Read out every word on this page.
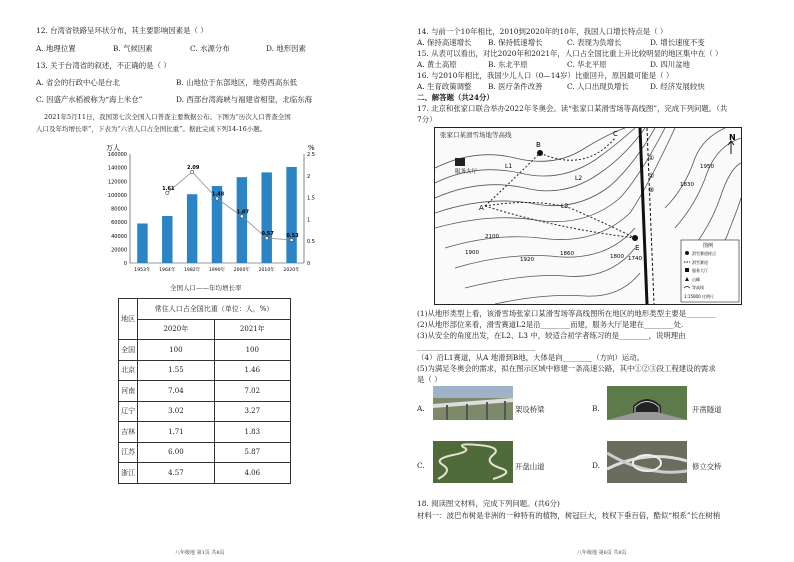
12. 台湾省铁路呈环状分布，其主要影响因素是（ ）
A. 地理位置	B. 气候因素	C. 水源分布	D. 地形因素
13. 关于台湾省的叙述，不正确的是（ ）
A. 省会的行政中心是台北	B. 山地位于东部地区，地势西高东低
C. 因盛产水稻被称为“海上米仓”	D. 西部台湾海峡与福建省相望，北临东海
2021年5月11日，我国第七次全国人口普查主要数据公布。下图为“历次人口普查全国
人口及年均增长率”，下表为“六省人口占全国比重”。据此完成下列14-16小题。
万人	%
0
20000
40000
60000
80000
100000
120000
140000
160000
0
0.5
1
1.5
2
2.5
1953年 1964年 1982年 1990年 2000年 2010年 2020年
1.61
2.09
1.48
1.07
0.57	0.53
全国人口——年均增长率
地区	常住人口占全国比重（单位：人，%）	
	2020年	2021年
全国	100	100
北京	1.55	1.46
河南	7.04	7.02
辽宁	3.02	3.27
吉林	1.71	1.83
江苏	6.00	5.87
浙江	4.57	4.06
八年级地 第1页 共8页
14. 与前一个10年相比，2010到2020年的10年，我国人口增长特点是（ ）
A. 保持高速增长 B. 保持低速增长	C. 表现为负增长	D. 增长速度不变
15. 从表可以看出，对比2020年和2021年，人口占全国比重上升比较明显的地区集中在（ ）
A. 黄土高原	B. 东北平原	C. 华北平原	D. 四川盆地
16. 与2010年相比，我国少儿人口（0—14岁）比重回升，原因最可能是（ ）
A. 生育政策调整 B. 医疗条件改善	C. 人口出现负增长	D. 经济发展较快
二、解答题（共24分）
17. 北京和张家口联合举办2022年冬奥会。读“张家口某滑雪场等高线图”，完成下列问题。（共
7分）
(1)从地形类型上看，该滑雪场张家口某滑雪场等高线图所在地区的地形类型主要是________
(2)从地形部位来看，滑雪赛道L2是沿________而建，服务大厅是建在________处.
(3)从安全的角度出发，在L2、L3 中，较适合初学者练习的是________，说明理由
________________________________
（4）沿L1赛道，从A 地滑到B地，大体是向________（方向）运动。
(5)为满足冬奥会的需求，拟在图示区域中修建一条高速公路，其中①②③段工程建设的需求
是（ ）
A.	架设桥梁	B.	开凿隧道
C.	开盘山道	D.	修立交桥
18. 阅读图文材料，完成下列问题。(共6分)
材料一：波巴布树是非洲的一种特有的植物，树冠巨大，枝权下垂百倍，酷似“根系”长在树梢
八年级地 第6页 共8页
服务大厅
B
A
C
E
L1
L2
L3
①
②
③
1950
1830
1800
1860
1740
1920
1900
2100
N
图例
滑雪赛道终点
滑雪赛道
服务大厅
山峰
等高线
1:15000 比例尺
张家口某滑雪场地等高线
